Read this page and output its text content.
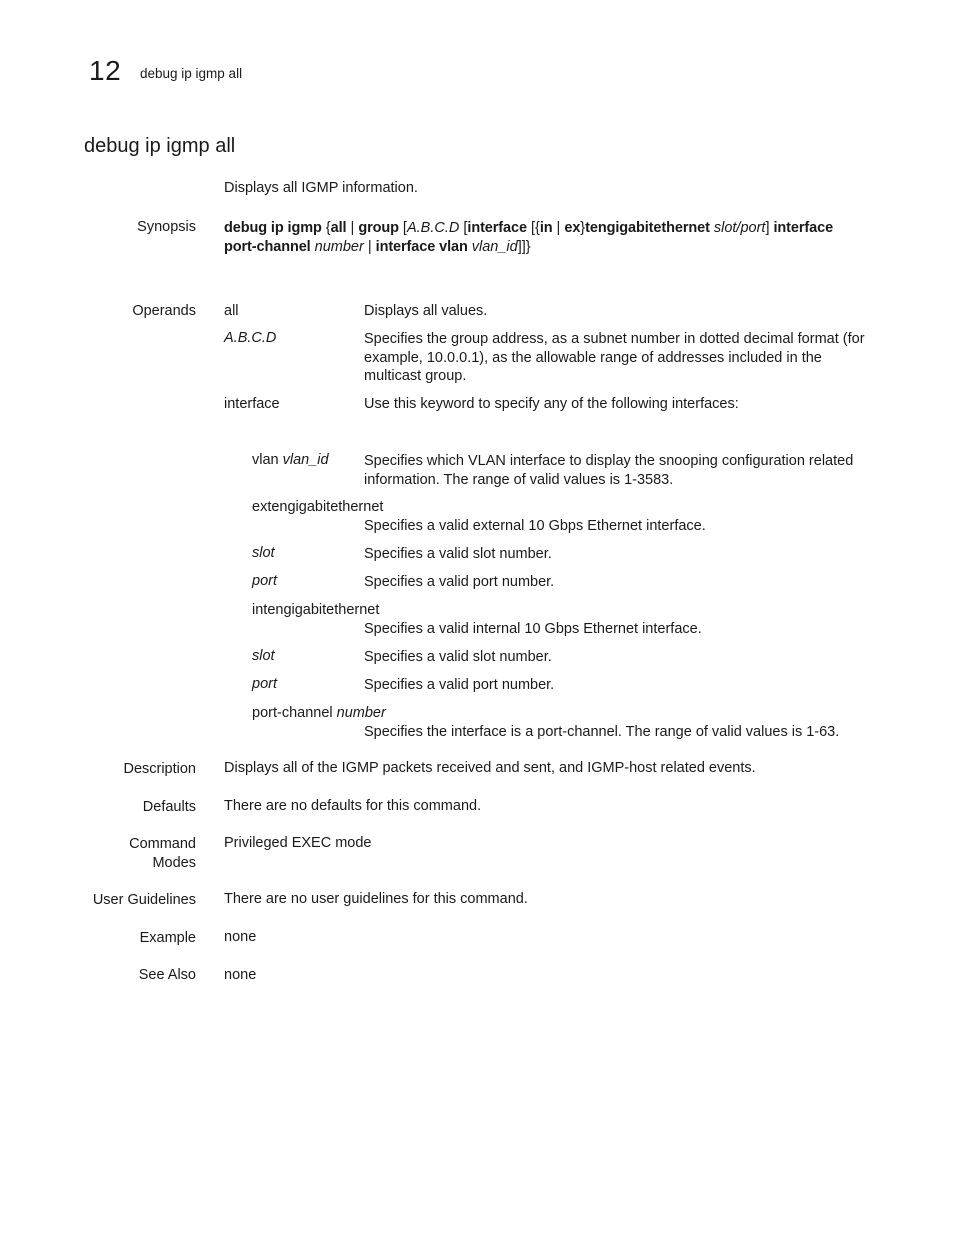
12 debug ip igmp all
debug ip igmp all
Displays all IGMP information.
Synopsis debug ip igmp {all | group [A.B.C.D [interface [{in | ex}tengigabitethernet slot/port] interface
port-channel number | interface vlan vlan_id]]}
Operands all	Displays all values.
A.B.C.D	Specifies the group address, as a subnet number in dotted decimal format (for example, 10.0.0.1), as the allowable range of addresses included in the multicast group.
interface	Use this keyword to specify any of the following interfaces:
vlan vlan_id Specifies which VLAN interface to display the snooping configuration related information. The range of valid values is 1-3583.
extengigabitethernet
Specifies a valid external 10 Gbps Ethernet interface.
slot	Specifies a valid slot number.
port	Specifies a valid port number.
intengigabitethernet
Specifies a valid internal 10 Gbps Ethernet interface.
slot	Specifies a valid slot number.
port	Specifies a valid port number.
port-channel number
Specifies the interface is a port-channel. The range of valid values is 1-63.
Description Displays all of the IGMP packets received and sent, and IGMP-host related events.
Defaults There are no defaults for this command.
Command
Modes
Privileged EXEC mode
User Guidelines There are no user guidelines for this command.
Example none
See Also none
